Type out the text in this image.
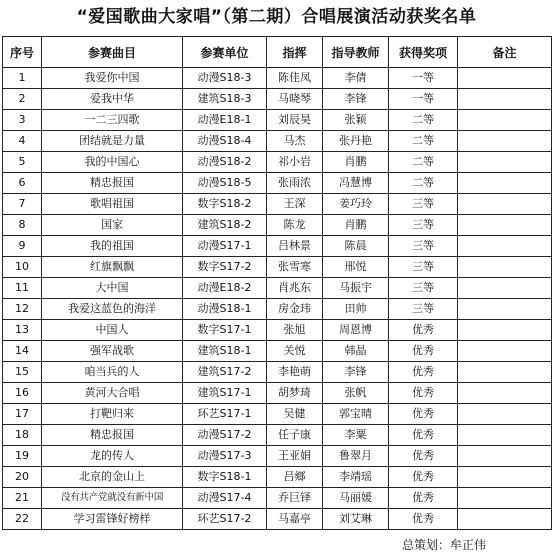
“爱国歌曲大家唱”（第二期）合唱展演活动获奖名单
序号	参赛曲目	参赛单位	指挥	指导教师	获得奖项	备注
1	我爱你中国	动漫S18-3	陈佳凤	李倩	一等	
2	爱我中华	建筑S18-3	马晓琴	李锋	一等	
3	一二三四歌	动漫E18-1	刘辰昊	张颖	二等	
4	团结就是力量	动漫S18-4	马杰	张丹艳	二等	
5	我的中国心	动漫S18-2	祁小岩	肖鹏	二等	
6	精忠报国	动漫S18-5	张雨浓	冯慧博	二等	
7	歌唱祖国	数字S18-2	王深	姜巧玲	三等	
8	国家	建筑S18-2	陈龙	肖鹏	三等	
9	我的祖国	动漫S17-1	吕林景	陈晨	三等	
10	红旗飘飘	数字S17-2	张雪寒	邢悦	三等	
11	大中国	动漫E18-2	肖兆东	马振宇	三等	
12	我爱这蓝色的海洋	动漫S18-1	房金玮	田帅	三等	
13	中国人	数字S17-1	张旭	周恩博	优秀	
14	强军战歌	建筑S18-1	关悦	韩晶	优秀	
15	咱当兵的人	建筑S17-2	李艳萌	李锋	优秀	
16	黄河大合唱	建筑S17-1	胡梦琦	张帆	优秀	
17	打靶归来	环艺S17-1	吴健	郭宝晴	优秀	
18	精忠报国	动漫S17-2	任子康	李粟	优秀	
19	龙的传人	动漫S17-3	王亚娟	鲁翠月	优秀	
20	北京的金山上	数字S18-1	吕鄉	李靖瑶	优秀	
21	没有共产党就没有新中国	动漫S17-4	乔巨铎	马丽媛	优秀	
22	学习雷锋好榜样	环艺S17-2	马嘉亭	刘艾琳	优秀	
总策划：牟正伟
